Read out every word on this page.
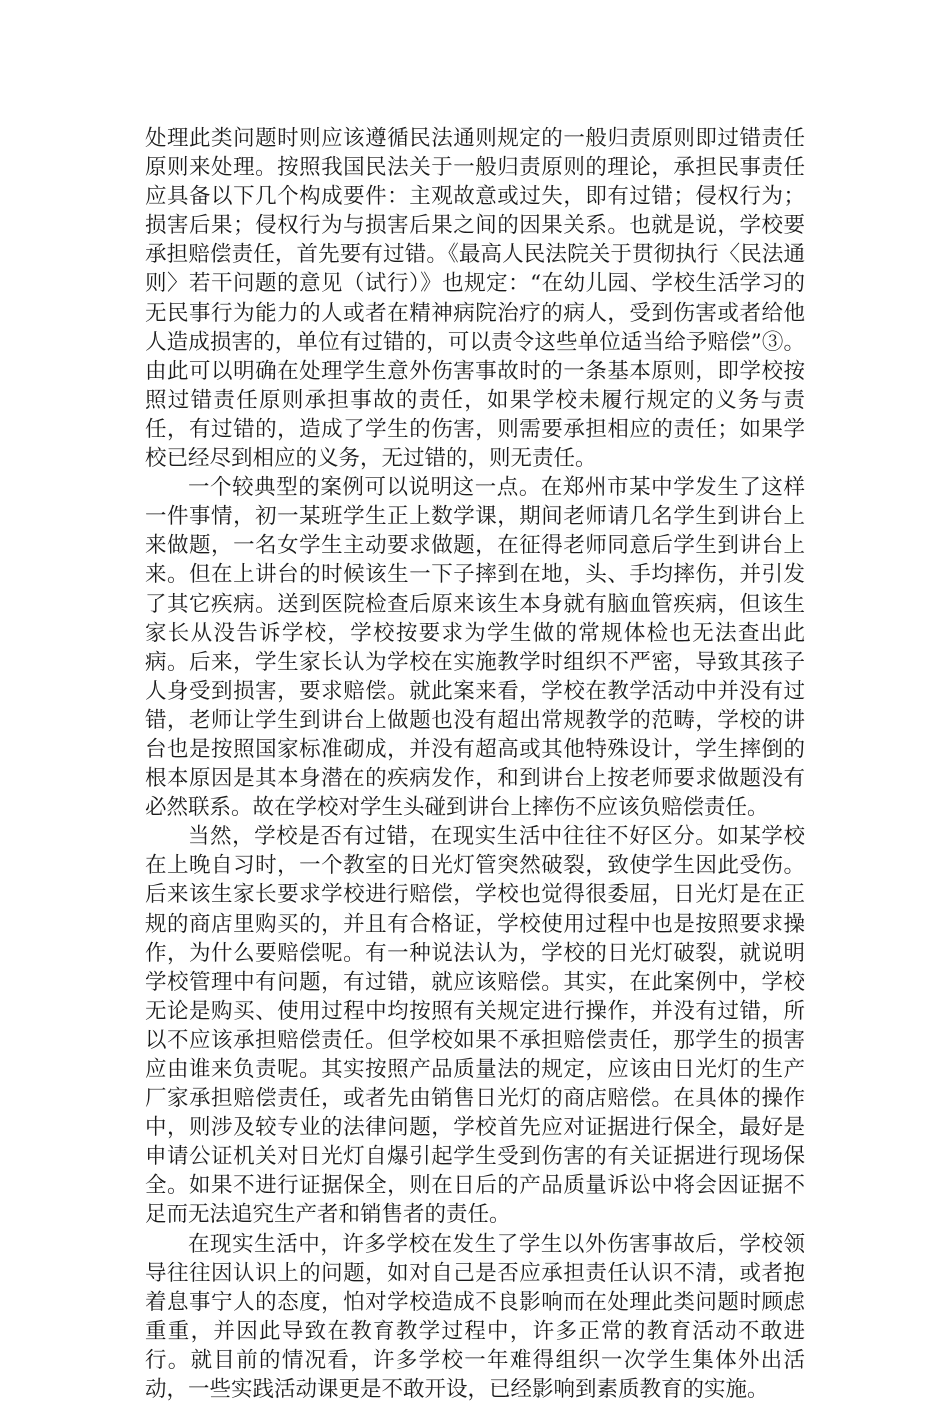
处理此类问题时则应该遵循民法通则规定的一般归责原则即过错责任原则来处理。按照我国民法关于一般归责原则的理论，承担民事责任应具备以下几个构成要件：主观故意或过失，即有过错；侵权行为；损害后果；侵权行为与损害后果之间的因果关系。也就是说，学校要承担赔偿责任，首先要有过错。《最高人民法院关于贯彻执行〈民法通则〉若干问题的意见（试行）》也规定：“在幼儿园、学校生活学习的无民事行为能力的人或者在精神病院治疗的病人，受到伤害或者给他人造成损害的，单位有过错的，可以责令这些单位适当给予赔偿”③。由此可以明确在处理学生意外伤害事故时的一条基本原则，即学校按照过错责任原则承担事故的责任，如果学校未履行规定的义务与责任，有过错的，造成了学生的伤害，则需要承担相应的责任；如果学校已经尽到相应的义务，无过错的，则无责任。

一个较典型的案例可以说明这一点。在郑州市某中学发生了这样一件事情，初一某班学生正上数学课，期间老师请几名学生到讲台上来做题，一名女学生主动要求做题，在征得老师同意后学生到讲台上来。但在上讲台的时候该生一下子摔到在地，头、手均摔伤，并引发了其它疾病。送到医院检查后原来该生本身就有脑血管疾病，但该生家长从没告诉学校，学校按要求为学生做的常规体检也无法查出此病。后来，学生家长认为学校在实施教学时组织不严密，导致其孩子人身受到损害，要求赔偿。就此案来看，学校在教学活动中并没有过错，老师让学生到讲台上做题也没有超出常规教学的范畴，学校的讲台也是按照国家标准砌成，并没有超高或其他特殊设计，学生摔倒的根本原因是其本身潜在的疾病发作，和到讲台上按老师要求做题没有必然联系。故在学校对学生头碰到讲台上摔伤不应该负赔偿责任。

当然，学校是否有过错，在现实生活中往往不好区分。如某学校在上晚自习时，一个教室的日光灯管突然破裂，致使学生因此受伤。后来该生家长要求学校进行赔偿，学校也觉得很委屈，日光灯是在正规的商店里购买的，并且有合格证，学校使用过程中也是按照要求操作，为什么要赔偿呢。有一种说法认为，学校的日光灯破裂，就说明学校管理中有问题，有过错，就应该赔偿。其实，在此案例中，学校无论是购买、使用过程中均按照有关规定进行操作，并没有过错，所以不应该承担赔偿责任。但学校如果不承担赔偿责任，那学生的损害应由谁来负责呢。其实按照产品质量法的规定，应该由日光灯的生产厂家承担赔偿责任，或者先由销售日光灯的商店赔偿。在具体的操作中，则涉及较专业的法律问题，学校首先应对证据进行保全，最好是申请公证机关对日光灯自爆引起学生受到伤害的有关证据进行现场保全。如果不进行证据保全，则在日后的产品质量诉讼中将会因证据不足而无法追究生产者和销售者的责任。

在现实生活中，许多学校在发生了学生以外伤害事故后，学校领导往往因认识上的问题，如对自己是否应承担责任认识不清，或者抱着息事宁人的态度，怕对学校造成不良影响而在处理此类问题时顾虑重重，并因此导致在教育教学过程中，许多正常的教育活动不敢进行。就目前的情况看，许多学校一年难得组织一次学生集体外出活动，一些实践活动课更是不敢开设，已经影响到素质教育的实施。
